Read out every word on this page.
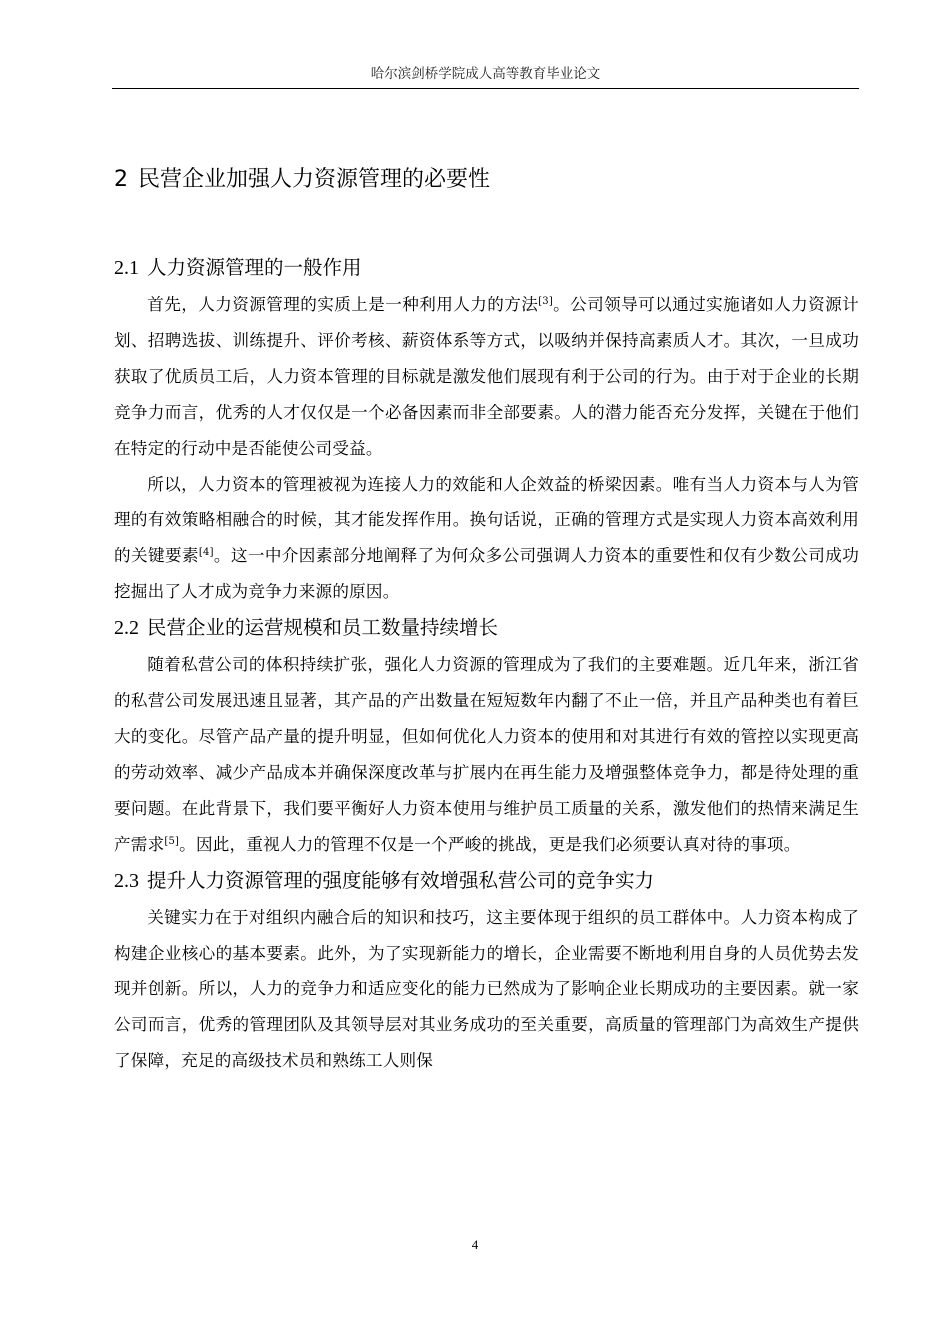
哈尔滨剑桥学院成人高等教育毕业论文
2 民营企业加强人力资源管理的必要性
2.1 人力资源管理的一般作用

首先，人力资源管理的实质上是一种利用人力的方法[3]。公司领导可以通过实施诸如人力资源计划、招聘选拔、训练提升、评价考核、薪资体系等方式，以吸纳并保持高素质人才。其次，一旦成功获取了优质员工后，人力资本管理的目标就是激发他们展现有利于公司的行为。由于对于企业的长期竞争力而言，优秀的人才仅仅是一个必备因素而非全部要素。人的潜力能否充分发挥，关键在于他们在特定的行动中是否能使公司受益。

所以，人力资本的管理被视为连接人力的效能和人企效益的桥梁因素。唯有当人力资本与人为管理的有效策略相融合的时候，其才能发挥作用。换句话说，正确的管理方式是实现人力资本高效利用的关键要素[4]。这一中介因素部分地阐释了为何众多公司强调人力资本的重要性和仅有少数公司成功挖掘出了人才成为竞争力来源的原因。

2.2 民营企业的运营规模和员工数量持续增长

随着私营公司的体积持续扩张，强化人力资源的管理成为了我们的主要难题。近几年来，浙江省的私营公司发展迅速且显著，其产品的产出数量在短短数年内翻了不止一倍，并且产品种类也有着巨大的变化。尽管产品产量的提升明显，但如何优化人力资本的使用和对其进行有效的管控以实现更高的劳动效率、减少产品成本并确保深度改革与扩展内在再生能力及增强整体竞争力，都是待处理的重要问题。在此背景下，我们要平衡好人力资本使用与维护员工质量的关系，激发他们的热情来满足生产需求[5]。因此，重视人力的管理不仅是一个严峻的挑战，更是我们必须要认真对待的事项。

2.3 提升人力资源管理的强度能够有效增强私营公司的竞争实力

关键实力在于对组织内融合后的知识和技巧，这主要体现于组织的员工群体中。人力资本构成了构建企业核心的基本要素。此外，为了实现新能力的增长，企业需要不断地利用自身的人员优势去发现并创新。所以，人力的竞争力和适应变化的能力已然成为了影响企业长期成功的主要因素。就一家公司而言，优秀的管理团队及其领导层对其业务成功的至关重要，高质量的管理部门为高效生产提供了保障，充足的高级技术员和熟练工人则保

4
